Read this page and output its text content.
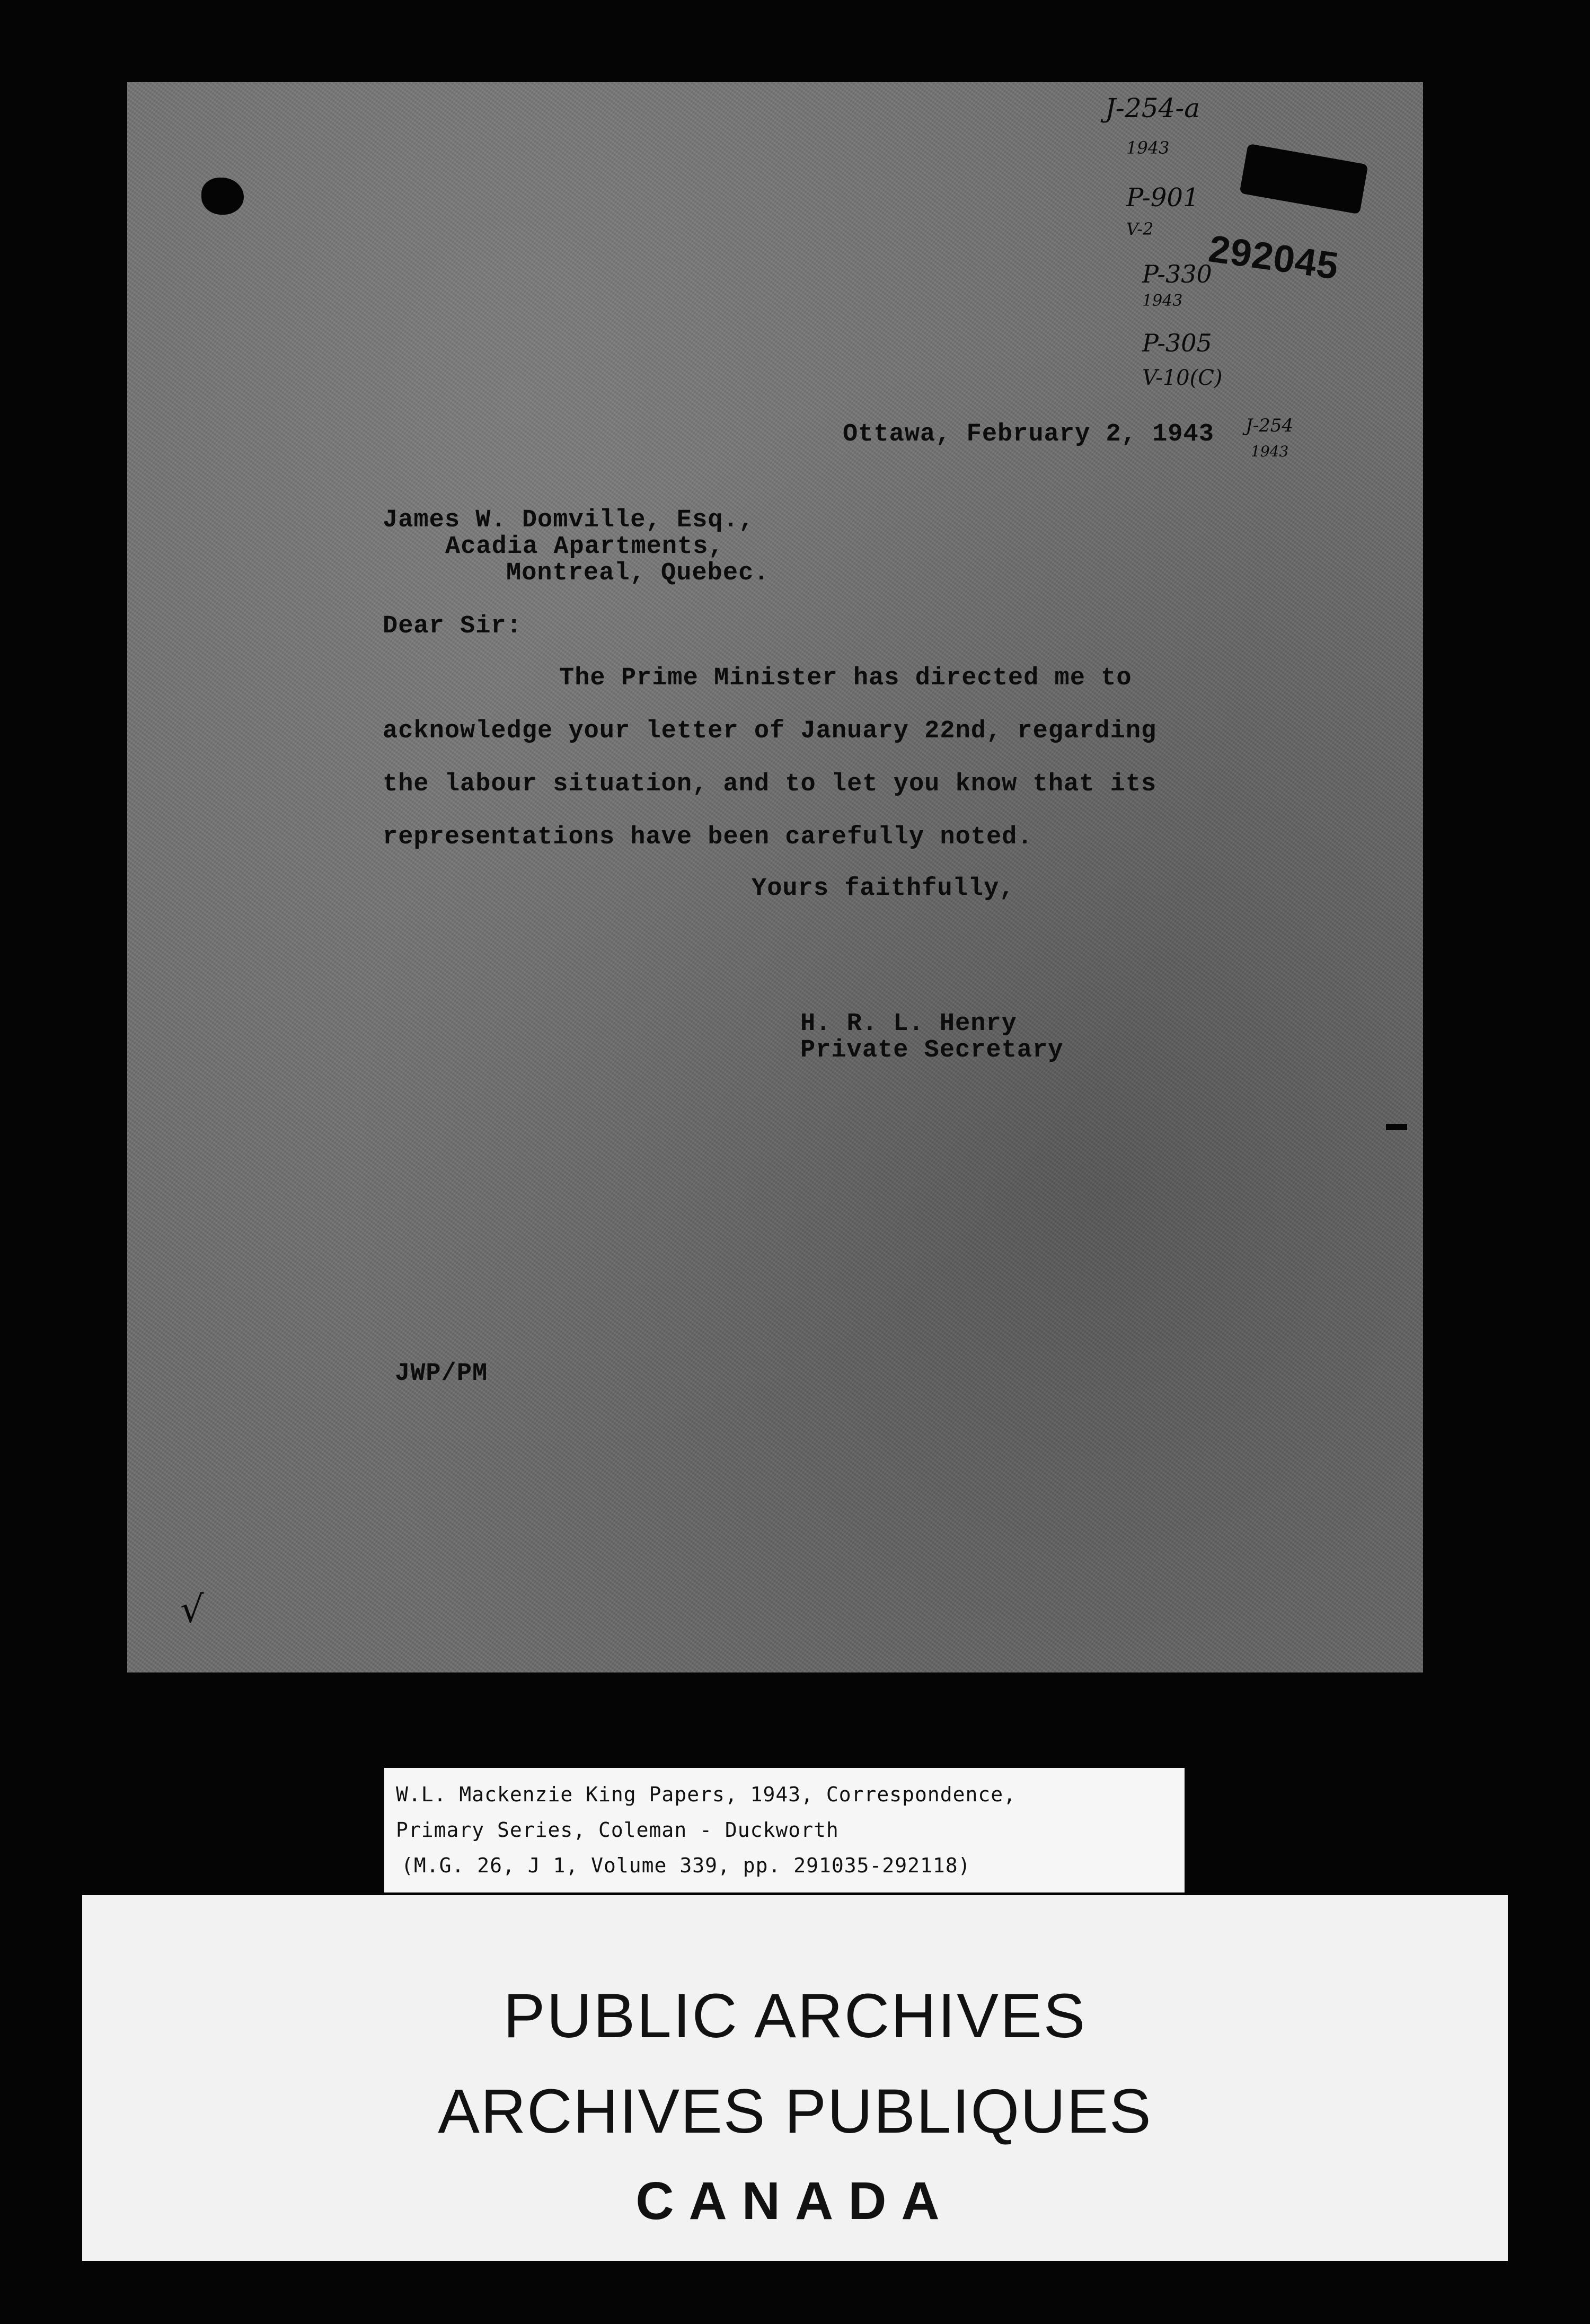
J-254-a
1943
P-901
V-2
P-330
1943
P-305
V-10(C)
292045
Ottawa, February 2, 1943 J-254
1943
James W. Domville, Esq.,
Acadia Apartments,
Montreal, Quebec.
Dear Sir:
The Prime Minister has directed me to
acknowledge your letter of January 22nd, regarding
the labour situation, and to let you know that its
representations have been carefully noted.
Yours faithfully,
H. R. L. Henry
Private Secretary
JWP/PM
√
W.L. Mackenzie King Papers, 1943, Correspondence,
Primary Series, Coleman - Duckworth
(M.G. 26, J 1, Volume 339, pp. 291035-292118)
PUBLIC ARCHIVES
ARCHIVES PUBLIQUES
CANADA
